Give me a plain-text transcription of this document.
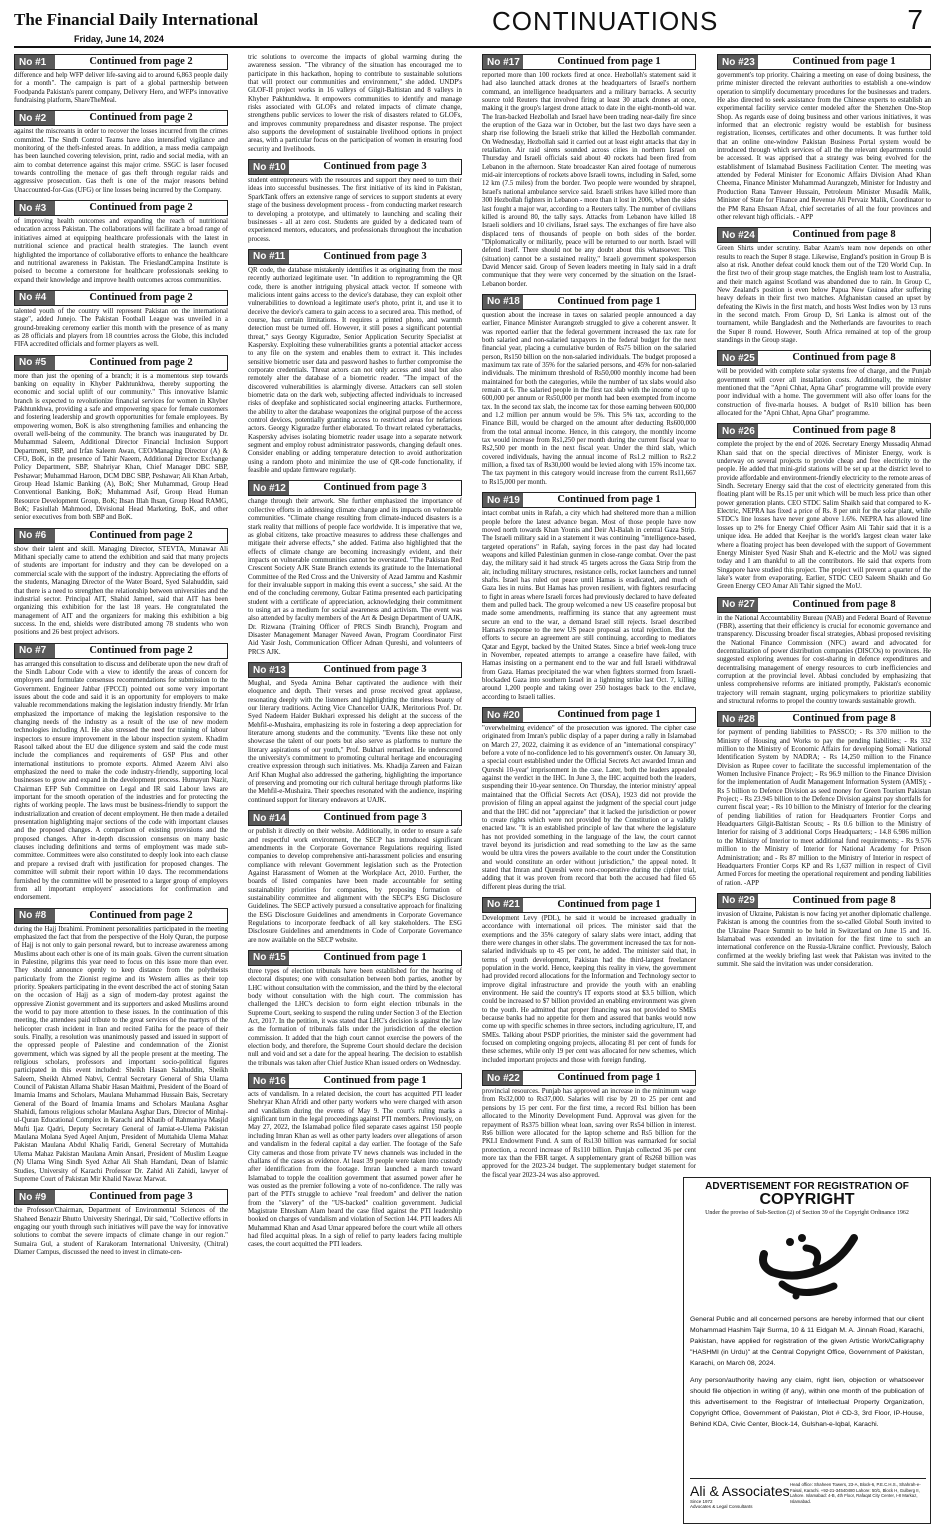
The Financial Daily International
Friday, June 14, 2024
CONTINUATIONS	7
No #1	Continued from page 2

difference and help WFP deliver life-saving aid to around 6,863 people daily for a month". The campaign is part of a global partnership between Foodpanda Pakistan's parent company, Delivery Hero, and WFP's innovative fundraising platform, ShareTheMeal.

No #2	Continued from page 2

against the miscreants in order to recover the losses incurred from the crimes committed. The Sindh Control Teams have also intensified vigilance and monitoring of the theft-infested areas. In addition, a mass media campaign has been launched covering television, print, radio and social media, with an aim to combat deterrence against this major crime. SSGC is laser focused towards controlling the menace of gas theft through regular raids and aggressive prosecution. Gas theft is one of the major reasons behind Unaccounted-for-Gas (UFG) or line losses being incurred by the Company.

No #3	Continued from page 2

of improving health outcomes and expanding the reach of nutritional education across Pakistan. The collaborations will facilitate a broad range of initiatives aimed at equipping healthcare professionals with the latest in nutritional science and practical health strategies. The launch event highlighted the importance of collaborative efforts to enhance the healthcare and nutritional awareness in Pakistan. The FrieslandCampina Institute is poised to become a cornerstone for healthcare professionals seeking to expand their knowledge and improve health outcomes across communities.

No #4	Continued from page 2

talented youth of the country will represent Pakistan on the international stage", added Junejo. The Pakistan Football League was unveiled in a ground-breaking ceremony earlier this month with the presence of as many as 28 officials and players from 18 countries across the Globe, this included FIFA accredited officials and former players as well.

No #5	Continued from page 2

more than just the opening of a branch; it is a momentous step towards banking on equality in Khyber Pakhtunkhwa, thereby supporting the economic and social uplift of our community." This innovative Islamic branch is expected to revolutionize financial services for women in Khyber Pakhtunkhwa, providing a safe and empowering space for female customers and fostering leadership and growth opportunities for female employees. By empowering women, BoK is also strengthening families and enhancing the overall well-being of the community. The branch was inaugurated by Dr. Muhammad Saleem, Additional Director Financial Inclusion Support Department, SBP, and Irfan Saleem Awan, CEO/Managing Director (A) & CFO, BoK, in the presence of Tahir Naeem, Additional Director Exchange Policy Department, SBP, Shahriyar Khan, Chief Manager DBC SBP, Peshawar; Muhammad Haroon, DCM DBC SBP, Peshawar; Ali Khan Arbab, Group Head Islamic Banking (A), BoK; Sher Muhammad, Group Head Conventional Banking, BoK; Muhammad Asif, Group Head Human Resource Development Group, BoK; Ihsan Illah Ihsan, Group Head RAMG, BoK; Fasiullah Mahmood, Divisional Head Marketing, BoK, and other senior executives from both SBP and BoK.

No #6	Continued from page 2

show their talent and skill. Managing Director, STEVTA, Munawar Ali Mithani specially came to attend the exhibition and said that many projects of students are important for industry and they can be developed on a commercial scale with the support of the industry. Appreciating the efforts of the students, Managing Director of the Water Board, Syed Salahuddin, said that there is a need to strengthen the relationship between universities and the industrial sector. Principal AIT, Shahid Jameel, said that AIT has been organizing this exhibition for the last 18 years. He congratulated the management of AIT and the organizers for making this exhibition a big success. In the end, shields were distributed among 78 students who won positions and 26 best project advisors.

No #7	Continued from page 2

has arranged this consultation to discuss and deliberate upon the new draft of the Sindh Labour Code with a view to identify the areas of concern for employers and formulate consensus recommendations for submission to the Government. Engineer Jahbar (FPCCI) pointed out some very important issues about the code and said it is an opportunity for employers to make valuable recommendations making the legislation industry friendly. Mr Irfan emphasized the importance of making the legislation responsive to the changing needs of the industry as a result of the use of new modern technologies including AI. He also stressed the need for training of labour inspectors to ensure improvement in the labour inspection system. Khadim Rasool talked about the EU due diligence system and said the code must include the compliances and requirements of GSP Plus and other international institutions to promote exports. Ahmed Azeem Alvi also emphasized the need to make the code industry-friendly, supporting local businesses to grow and expand in the development process. Humayun Nazir, Chairman EFP Sub Committee on Legal and IR said Labour laws are important for the smooth operation of the industries and for protecting the rights of working people. The laws must be business-friendly to support the industrialization and creation of decent employment. He then made a detailed presentation highlighting major sections of the code with important clauses and the proposed changes. A comparison of existing provisions and the proposed changes. After in-depth discussion consensus on many basic clauses including definitions and terms of employment was made sub-committee. Committees were also constituted to deeply look into each clause and prepare a revised draft with justification for proposed changes. The committee will submit their report within 10 days. The recommendations furnished by the committee will be presented to a larger group of employers from all important employers' associations for confirmation and endorsement.

No #8	Continued from page 2

during the Hajj Ibrahimi. Prominent personalities participated in the meeting emphasized the fact that from the perspective of the Holy Quran, the purpose of Hajj is not only to gain personal reward, but to increase awareness among Muslims about each other is one of its main goals. Given the current situation in Palestine, pilgrims this year need to focus on this issue more than ever. They should announce openly to keep distance from the polytheists particularly from the Zionist regime and its Western allies as their top priority. Speakers participating in the event described the act of stoning Satan on the occasion of Hajj as a sign of modern-day protest against the oppressive Zionist government and its supporters and asked Muslims around the world to pay more attention to these issues. In the continuation of this meeting, the attendees paid tribute to the great services of the martyrs of the helicopter crash incident in Iran and recited Fatiha for the peace of their souls. Finally, a resolution was unanimously passed and issued in support of the oppressed people of Palestine and condemnation of the Zionist government, which was signed by all the people present at the meeting. The religious scholars, professors and important socio-political figures participated in this event included: Sheikh Hasan Salahuddin, Sheikh Saleem, Sheikh Ahmed Nabvi, Central Secretary General of Shia Ulama Council of Pakistan Allama Shabir Hasan Maithmi, President of the Board of Imamia Imams and Scholars, Maulana Muhammad Hussain Bais, Secretary General of the Board of Imamia Imams and Scholars Maulana Asghar Shahidi, famous religious scholar Maulana Asghar Dars, Director of Minhaj-ul-Quran Educational Complex in Karachi and Khatib of Rahmaniya Masjid Mufti Ijaz Qadri, Deputy Secretary General of Jamiat-e-Ulema Pakistan Maulana Molana Syed Aqeel Anjum, President of Muttahida Ulema Mahaz Pakistan Maulana Abdul Khaliq Faridi, General Secretary of Muttahida Ulema Mahaz Pakistan Maulana Amin Ansari, President of Muslim League (N) Ulama Wing Sindh Syed Azhar Ali Shah Hamdani, Dean of Islamic Studies, University of Karachi Professor Dr. Zahid Ali Zahidi, lawyer of Supreme Court of Pakistan Mir Khalid Nawaz Marwat.

No #9	Continued from page 3

the Professor/Chairman, Department of Environmental Sciences of the Shaheed Benazir Bhutto University Sheringal, Dir said, "Collective efforts in engaging our youth through such initiatives will pave the way for innovative solutions to combat the severe impacts of climate change in our region." Sumaira Gul, a student of Karakoram International University, (Chitral) Diamer Campus, discussed the need to invest in climate-cen-

tric solutions to overcome the impacts of global warming during the awareness session. "The vibrancy of the situation has encouraged me to participate in this hackathon, hoping to contribute to sustainable solutions that will protect our communities and environment," she added. UNDP's GLOF-II project works in 16 valleys of Gilgit-Baltistan and 8 valleys in Khyber Pakhtunkhwa. It empowers communities to identify and manage risks associated with GLOFs and related impacts of climate change, strengthens public services to lower the risk of disasters related to GLOFs, and improves community preparedness and disaster response. The project also supports the development of sustainable livelihood options in project areas, with a particular focus on the participation of women in ensuring food security and livelihoods.

No #10	Continued from page 3

student entrepreneurs with the resources and support they need to turn their ideas into successful businesses. The first initiative of its kind in Pakistan, SparkTank offers an extensive range of services to support students at every stage of the business development process - from conducting market research to developing a prototype, and ultimately to launching and scaling their businesses - all at zero cost. Students are guided by a dedicated team of experienced mentors, educators, and professionals throughout the incubation process.

No #11	Continued from page 3

QR code, the database mistakenly identifies it as originating from the most recently authorized legitimate user. "In addition to reprogramming the QR code, there is another intriguing physical attack vector. If someone with malicious intent gains access to the device's database, they can exploit other vulnerabilities to download a legitimate user's photo, print it, and use it to deceive the device's camera to gain access to a secured area. This method, of course, has certain limitations. It requires a printed photo, and warmth detection must be turned off. However, it still poses a significant potential threat," says Georgy Kiguradze, Senior Application Security Specialist at Kaspersky. Exploiting these vulnerabilities grants a potential attacker access to any file on the system and enables them to extract it. This includes sensitive biometric user data and password hashes to further compromise the corporate credentials. Threat actors can not only access and steal but also remotely alter the database of a biometric reader. "The impact of the discovered vulnerabilities is alarmingly diverse. Attackers can sell stolen biometric data on the dark web, subjecting affected individuals to increased risks of deepfake and sophisticated social engineering attacks. Furthermore, the ability to alter the database weaponizes the original purpose of the access control devices, potentially granting access to restricted areas for nefarious actors. Georgy Kiguradze further elaborated. To thwart related cyberattacks, Kaspersky advises isolating biometric reader usage into a separate network segment and employ robust administrator passwords, changing default ones. Consider enabling or adding temperature detection to avoid authorization using a random photo and minimize the use of QR-code functionality, if feasible and update firmware regularly.

No #12	Continued from page 3

change through their artwork. She further emphasized the importance of collective efforts in addressing climate change and its impacts on vulnerable communities. "Climate change resulting from climate-induced disasters is a stark reality that millions of people face worldwide. It is imperative that we, as global citizens, take proactive measures to address these challenges and mitigate their adverse effects," she added. Fatima also highlighted that the effects of climate change are becoming increasingly evident, and their impacts on vulnerable communities cannot be overstated. "The Pakistan Red Crescent Society AJK State Branch extends its gratitude to the International Committee of the Red Cross and the University of Azad Jammu and Kashmir for their invaluable support in making this event a success," she said. At the end of the concluding ceremony, Gulzar Fatima presented each participating student with a certificate of appreciation, acknowledging their commitment to using art as a medium for social awareness and activism. The event was also attended by faculty members of the Art & Design Department of UAJK, Dr. Rizwana (Training Officer of PRCS Sindh Branch), Program and Disaster Management Manager Naveed Awan, Program Coordinator First Aid Yasir Josh, Communication Officer Adnan Qureshi, and volunteers of PRCS AJK.

No #13	Continued from page 3

Mughal, and Syeda Amina Behar captivated the audience with their eloquence and depth. Their verses and prose received great applause, resonating deeply with the listeners and highlighting the timeless beauty of our literary traditions. Acting Vice Chancellor UAJK, Meritorious Prof. Dr. Syed Nadeem Haider Bukhari expressed his delight at the success of the Mehfil-e-Mushaira, emphasizing its role in fostering a deep appreciation for literature among students and the community. "Events like these not only showcase the talent of our poets but also serve as platforms to nurture the literary aspirations of our youth," Prof. Bukhari remarked. He underscored the university's commitment to promoting cultural heritage and encouraging creative expression through such initiatives. Ms. Khadija Zareen and Faizan Arif Khan Mughal also addressed the gathering, highlighting the importance of preserving and promoting our rich cultural heritage through platforms like the Mehfil-e-Mushaira. Their speeches resonated with the audience, inspiring continued support for literary endeavors at UAJK.

No #14	Continued from page 3

or publish it directly on their website. Additionally, in order to ensure a safe and respectful work environment, the SECP has introduced significant amendments in the Corporate Governance Regulations requiring listed companies to develop comprehensive anti-harassment policies and ensuring compliance with relevant Government legislation such as the Protection Against Harassment of Women at the Workplace Act, 2010. Further, the boards of listed companies have been made accountable for setting sustainability priorities for companies, by proposing formation of sustainability committee and alignment with the SECP's ESG Disclosure Guidelines. The SECP actively pursued a consultative approach for finalizing the ESG Disclosure Guidelines and amendments in Corporate Governance Regulations to incorporate feedback of all key stakeholders. The ESG Disclosure Guidelines and amendments in Code of Corporate Governance are now available on the SECP website.

No #15	Continued from page 1

three types of election tribunals have been established for the hearing of electoral disputes; one with consultation between both parties, another by LHC without consultation with the commission, and the third by the electoral body without consultation with the high court. The commission has challenged the LHC's decision to form eight election tribunals in the Supreme Court, seeking to suspend the ruling under Section 3 of the Election Act, 2017. In the petition, it was stated that LHC's decision is against the law as the formation of tribunals falls under the jurisdiction of the election commission. It added that the high court cannot exercise the powers of the election body, and therefore, the Supreme Court should declare the decision null and void and set a date for the appeal hearing. The decision to establish the tribunals was taken after Chief Justice Khan issued orders on Wednesday.

No #16	Continued from page 1

acts of vandalism. In a related decision, the court has acquitted PTI leader Shehryar Khan Afridi and other party workers who were charged with arson and vandalism during the events of May 9. The court's ruling marks a significant turn in the legal proceedings against PTI members. Previously, on May 27, 2022, the Islamabad police filed separate cases against 150 people including Imran Khan as well as other party leaders over allegations of arson and vandalism in the federal capital a day earlier. The footage of the Safe City cameras and those from private TV news channels was included in the challans of the cases as evidence. At least 39 people were taken into custody after identification from the footage. Imran launched a march toward Islamabad to topple the coalition government that assumed power after he was ousted as the premier following a vote of no-confidence. The rally was part of the PTI's struggle to achieve "real freedom" and deliver the nation from the "slavery" of the "US-backed" coalition government. Judicial Magistrate Ehtesham Alam heard the case filed against the PTI leadership booked on charges of vandalism and violation of Section 144. PTI leaders Ali Muhammad Khan and Asad Umar appeared before the court while all others had filed acquittal pleas. In a sigh of relief to party leaders facing multiple cases, the court acquitted the PTI leaders.

No #17	Continued from page 1

reported more than 100 rockets fired at once. Hezbollah's statement said it had also launched attack drones at the headquarters of Israel's northern command, an intelligence headquarters and a military barracks. A security source told Reuters that involved firing at least 30 attack drones at once, making it the group's largest drone attack to date in the eight-month-old war. The Iran-backed Hezbollah and Israel have been trading near-daily fire since the eruption of the Gaza war in October, but the last two days have seen a sharp rise following the Israeli strike that killed the Hezbollah commander. On Wednesday, Hezbollah said it carried out at least eight attacks that day in retaliation. Air raid sirens sounded across cities in northern Israel on Thursday and Israeli officials said about 40 rockets had been fired from Lebanon in the afternoon. State broadcaster Kan aired footage of numerous mid-air interceptions of rockets above Israeli towns, including in Safed, some 12 km (7.5 miles) from the border. Two people were wounded by shrapnel, Israel's national ambulance service said. Israeli strikes have killed more than 300 Hezbollah fighters in Lebanon - more than it lost in 2006, when the sides last fought a major war, according to a Reuters tally. The number of civilians killed is around 80, the tally says. Attacks from Lebanon have killed 18 Israeli soldiers and 10 civilians, Israel says. The exchanges of fire have also displaced tens of thousands of people on both sides of the border. "Diplomatically or militarily, peace will be returned to our north. Israel will defend itself. There should not be any doubt about this whatsoever. This (situation) cannot be a sustained reality," Israeli government spokesperson David Mencer said. Group of Seven leaders meeting in Italy said in a draft communique that they were very concerned by the situation on the Israel-Lebanon border.

No #18	Continued from page 1

question about the increase in taxes on salaried people announced a day earlier, Finance Minister Aurangzeb struggled to give a coherent answer. It was reported earlier that the federal government increased the tax rate for both salaried and non-salaried taxpayers in the federal budget for the next financial year, placing a cumulative burden of Rs75 billion on the salaried person, Rs150 billion on the non-salaried individuals. The budget proposed a maximum tax rate of 35% for the salaried persons, and 45% for non-salaried individuals. The minimum threshold of Rs50,000 monthly income had been maintained for both the categories, while the number of tax slabs would also remain at 6. The salaried people in the first tax slab with the income of up to 600,000 per annum or Rs50,000 per month had been exempted from income tax. In the second tax slab, the income tax for those earning between 600,000 and 1.2 million per annum would be 5%. This 5% tax, according to the Finance Bill, would be charged on the amount after deducting Rs600,000 from the total annual income. Hence, in this category, the monthly income tax would increase from Rs1,250 per month during the current fiscal year to Rs2,500 per month in the next fiscal year. Under the third slab, which covered individuals, having the annual income of Rs1.2 million to Rs2.2 million, a fixed tax of Rs30,000 would be levied along with 15% income tax. The tax payment in this category would increase from the current Rs11,667 to Rs15,000 per month.

No #19	Continued from page 1

intact combat units in Rafah, a city which had sheltered more than a million people before the latest advance began. Most of those people have now moved north towards Khan Younis and Deir Al-Balah in central Gaza Strip. The Israeli military said in a statement it was continuing "intelligence-based, targeted operations" in Rafah, saying forces in the past day had located weapons and killed Palestinian gunmen in close-range combat. Over the past day, the military said it had struck 45 targets across the Gaza Strip from the air, including military structures, resistance cells, rocket launchers and tunnel shafts. Israel has ruled out peace until Hamas is eradicated, and much of Gaza lies in ruins. But Hamas has proven resilient, with fighters resurfacing to fight in areas where Israeli forces had previously declared to have defeated them and pulled back. The group welcomed a new US ceasefire proposal but made some amendments, reaffirming its stance that any agreement must secure an end to the war, a demand Israel still rejects. Israel described Hamas's response to the new US peace proposal as total rejection. But the efforts to secure an agreement are still continuing, according to mediators Qatar and Egypt, backed by the United States. Since a brief week-long truce in November, repeated attempts to arrange a ceasefire have failed, with Hamas insisting on a permanent end to the war and full Israeli withdrawal from Gaza. Hamas precipitated the war when fighters stormed from Israeli-blockaded Gaza into southern Israel in a lightning strike last Oct. 7, killing around 1,200 people and taking over 250 hostages back to the enclave, according to Israeli tallies.

No #20	Continued from page 1

"overwhelming evidence" of the prosecution was ignored. The cipher case originated from Imran's public display of a paper during a rally in Islamabad on March 27, 2022, claiming it as evidence of an "international conspiracy" before a vote of no-confidence led to his government's ouster. On January 30, a special court established under the Official Secrets Act awarded Imran and Qureshi 10-year' imprisonment in the case. Later, both the leaders appealed against the verdict in the IHC. In June 3, the IHC acquitted both the leaders, suspending their 10-year sentence. On Thursday, the interior ministry' appeal maintained that the Official Secrets Act (OSA), 1923 did not provide the provision of filing an appeal against the judgment of the special court judge and that the IHC did not "appreciate" that it lacked the jurisdiction or power to create rights which were not provided by the Constitution or a validly enacted law. "It is an established principle of law that where the legislature has not provided something in the language of the law, the court cannot travel beyond its jurisdiction and read something to the law as the same would be ultra vires the powers available to the court under the Constitution and would constitute an order without jurisdiction," the appeal noted. It stated that Imran and Qureshi were non-cooperative during the cipher trial, adding that it was proven from record that both the accused had filed 65 different pleas during the trial.

No #21	Continued from page 1

Development Levy (PDL), he said it would be increased gradually in accordance with international oil prices. The minister said that the exemptions and the 35% category of salary slabs were intact, adding that there were changes in other slabs. The government increased the tax for non-salaried individuals up to 45 per cent, he added. The minister said that, in terms of youth development, Pakistan had the third-largest freelancer population in the world. Hence, keeping this reality in view, the government had provided record allocations for the Information and Technology sector to improve digital infrastructure and provide the youth with an enabling environment. He said the country's IT exports stood at $3.5 billion, which could be increased to $7 billion provided an enabling environment was given to the youth. He admitted that proper financing was not provided to SMEs because banks had no appetite for them and assured that banks would now come up with specific schemes in three sectors, including agriculture, IT, and SMEs. Talking about PSDP priorities, the minister said the government had focused on completing ongoing projects, allocating 81 per cent of funds for these schemes, while only 19 per cent was allocated for new schemes, which included important projects and those with foreign funding.

No #22	Continued from page 1

provincial resources. Punjab has approved an increase in the minimum wage from Rs32,000 to Rs37,000. Salaries will rise by 20 to 25 per cent and pensions by 15 per cent. For the first time, a record Rs1 billion has been allocated to the Minority Development Fund. Approval was given for the repayment of Rs375 billion wheat loan, saving over Rs54 billion in interest. Rs6 billion were allocated for the laptop scheme and Rs5 billion for the PKLI Endowment Fund. A sum of Rs130 billion was earmarked for social protection, a record increase of Rs110 billion. Punjab collected 36 per cent more tax than the FBR target. A supplementary grant of Rs268 billion was approved for the 2023-24 budget. The supplementary budget statement for the fiscal year 2023-24 was also approved.

No #23	Continued from page 1

government's top priority. Chairing a meeting on ease of doing business, the prime minister directed the relevant authorities to establish a one-window operation to simplify documentary procedures for the businesses and traders. He also directed to seek assistance from the Chinese experts to establish an experimental facility service center modeled after the Shenzhen One-Stop Shop. As regards ease of doing business and other various initiatives, it was informed that an electronic registry would be establish for business registration, licenses, certificates and other documents. It was further told that an online one-window Pakistan Business Portal system would be introduced through which services of all the the relevant departments could be accessed. It was apprised that a strategy was being evolved for the establishment of Islamabad Business Facilitation Center. The meeting was attended by Federal Minister for Economic Affairs Division Ahad Khan Cheema, Finance Minister Muhammad Aurangzeb, Minister for Industry and Production Rana Tanveer Hussain, Petroleum Minister Musadik Malik, Minister of State for Finance and Revenue Ali Pervaiz Malik, Coordinator to the PM Rana Ehsaan Afzal, chief secretaries of all the four provinces and other relevant high officials. - APP

No #24	Continued from page 8

Green Shirts under scrutiny. Babar Azam's team now depends on other results to reach the Super 8 stage. Likewise, England's position in Group B is also at risk. Another defeat could knock them out of the T20 World Cup. In the first two of their group stage matches, the English team lost to Australia, and their match against Scotland was abandoned due to rain. In Group C, New Zealand's position is even below Papua New Guinea after suffering heavy defeats in their first two matches. Afghanistan caused an upset by defeating the Kiwis in the first match, and hosts West Indies won by 13 runs in the second match. From Group D, Sri Lanka is almost out of the tournament, while Bangladesh and the Netherlands are favourites to reach the Super 8 round. However, South Africa remained at top of the group standings in the Group stage.

No #25	Continued from page 8

will be provided with complete solar systems free of charge, and the Punjab government will cover all installation costs. Additionally, the minister mentioned that the "Apni Chhat, Apna Ghar" programme will provide every poor individual with a home. The government will also offer loans for the construction of five-marla houses. A budget of Rs10 billion has been allocated for the "Apni Chhat, Apna Ghar" programme.

No #26	Continued from page 8

complete the project by the end of 2026. Secretary Energy Mussadiq Ahmad Khan said that on the special directives of Minister Energy, work is underway on several projects to provide cheap and free electricity to the people. He added that mini-grid stations will be set up at the district level to provide affordable and environment-friendly electricity to the remote areas of Sindh. Secretary Energy said that the cost of electricity generated from this floating plant will be Rs.15 per unit which will be much less price than other power generation plants. CEO STDC Salim Shaikh said that compared to K-Electric, NEPRA has fixed a price of Rs. 8 per unit for the solar plant, while STDC's line losses have never gone above 1.6%. NEPRA has allowed line losses up to 2% for Energy Chief Officer Asim Ali Tahir said that it is a unique idea. He added that Keejhar is the world's largest clean water lake where a floating project has been developed with the support of Government Energy Minister Syed Nasir Shah and K-electric and the MoU was signed today and I am thankful to all the contributors. He said that experts from Singapore have studied this project. The project will prevent a quarter of the lake's water from evaporating. Earlier, STDC CEO Saleem Shaikh and Go Green Energy CEO Amar Ali Tahir signed the MoU.

No #27	Continued from page 8

in the National Accountability Bureau (NAB) and Federal Board of Revenue (FBR), asserting that their efficiency is crucial for economic governance and transparency. Discussing broader fiscal strategies, Abbasi proposed revisiting the National Finance Commission (NFC) award and advocated for decentralization of power distribution companies (DISCOs) to provinces. He suggested exploring avenues for cost-sharing in defence expenditures and decentralising management of energy resources to curb inefficiencies and corruption at the provincial level. Abbasi concluded by emphasizing that unless comprehensive reforms are initiated promptly, Pakistan's economic trajectory will remain stagnant, urging policymakers to prioritize stability and structural reforms to propel the country towards sustainable growth.

No #28	Continued from page 8

for payment of pending liabilities to PASSCO; - Rs 370 million to the Ministry of Housing and Works to pay the pending liabilities; - Rs 332 million to the Ministry of Economic Affairs for developing Somali National Identification System by NADRA; - Rs 14,250 million to the Finance Division as Rupee cover to facilitate the successful implementation of the Women Inclusive Finance Project; - Rs 96.9 million to the Finance Division for the implementation of Audit Management Information System (AMIS); - Rs 5 billion to Defence Division as seed money for Green Tourism Pakistan Project; - Rs 23.945 billion to the Defence Division against pay shortfalls for current fiscal year; - Rs 10 billion to the Ministry of Interior for the clearing of pending liabilities of ration for Headquarters Frontier Corps and Headquarters Gilgit-Baltistan Scouts; - Rs 0.6 billion to the Ministry of Interior for raising of 3 additional Corps Headquarters; - 14.8 6.986 million to the Ministry of Interior to meet additional fund requirements; - Rs 9.576 million to the Ministry of Interior for National Academy for Prison Administration; and - Rs 87 million to the Ministry of Interior in respect of Headquarters Frontier Corps KP and Rs 1,637 million in respect of Civil Armed Forces for meeting the operational requirement and pending liabilities of ration. -APP

No #29	Continued from page 8

invasion of Ukraine, Pakistan is now facing yet another diplomatic challenge. Pakistan is among the countries from the so-called Global South invited to the Ukraine Peace Summit to be held in Switzerland on June 15 and 16. Islamabad was extended an invitation for the first time to such an international conference on the Russia-Ukraine conflict. Previously, Baloch confirmed at the weekly briefing last week that Pakistan was invited to the summit. She said the invitation was under consideration.

ADVERTISEMENT FOR REGISTRATION OF
COPYRIGHT
Under the proviso of Sub-Section (2) of Section 39 of the Copyright Ordinance 1962
General Public and all concerned persons are hereby informed that our client Mohammad Hashim Tajir Surma, 10 & 11 Eidgah M. A. Jinnah Road, Karachi, Pakistan, have applied for registration of the given Artistic Work/Calligraphy "HASHMI (in Urdu)" at the Central Copyright Office, Government of Pakistan, Karachi, on March 08, 2024.
Any person/authority having any claim, right lien, objection or whatsoever should file objection in writing (if any), within one month of the publication of this advertisement to the Registrar of Intellectual Property Organization, Copyright Office, Government of Pakistan, Plot # CD-3, 3rd Floor, IP-House, Behind KDA, Civic Center, Block-14, Gulshan-e-Iqbal, Karachi.
Ali & Associates
Since 1972
Advocates & Legal Consultants
Head office: Shaheen Towers, 23-A, Block-6, P.E.C.H.S., Shahrah-e-Faisal, Karachi. +92-21-34540480 Lahore: 50/1, Block H, Gulberg II, Lahore. Islamabad: 4-B, 4th Floor, Rafaqat City Center, I-8 Markaz, Islamabad.
